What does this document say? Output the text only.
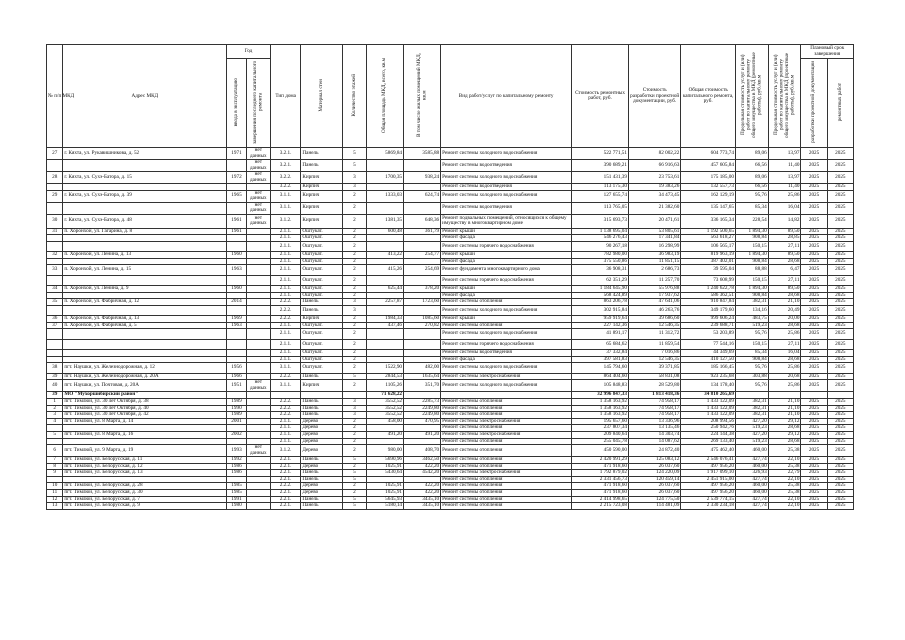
№ п/п МКД	Адрес МКД	Год		Тип дома	Материал стен	Количество этажей	Общая площадь МКД, всего, кв.м	В том числе жилых помещений МКД, кв.м	Вид работ/услуг по капитальному ремонту	Стоимость ремонтных работ, руб.	Стоимость разработки проектной документации, руб.	Общая стоимость капитального ремонта, руб.	Предельная стоимость услуг и (или) работ по капитальному ремонту общего имущества в МКД (ремонтные работы), руб./кв.м	Предельная стоимость услуг и (или) работ по капитальному ремонту общего имущества в МКД (проектные работы), руб./кв.м	Плановый срок завершения	
		ввода в эксплуатацию	завершения последнего капитального ремонта												разработки проектной документации	ремонтных работ

27	г. Кяхта, ул. Рукавишникова, д. 52	1971	нет данных	3.2.1.	Панель	5	5869,84	3585,88	Ремонт системы холодного водоснабжения	522 771,51	82 002,22	604 773,74	89,06	13,97	2025	2025
			нет данных	3.2.1.	Панель	5			Ремонт системы водоотведения	390 689,21	66 916,63	457 605,84	66,56	11,40	2025	2025
28	г. Кяхта, ул. Сухэ-Батора, д. 15	1972	нет данных	3.2.2.	Кирпич	3	1700,35	938,24	Ремонт системы холодного водоснабжения	151 431,39	23 753,61	175 185,00	89,06	13,97	2025	2025
				3.2.2.	Кирпич	3			Ремонт системы водоотведения	113 175,30	19 383,26	132 557,73	66,56	11,40	2025	2025
29	г. Кяхта, ул. Сухэ-Батора, д. 39	1965	нет данных	3.1.1.	Кирпич	2	1333,03	624,74	Ремонт системы холодного водоснабжения	127 655,74	34 473,45	162 129,19	95,76	25,86	2025	2025
			нет данных	3.1.1.	Кирпич	2			Ремонт системы водоотведения	113 765,05	21 382,60	135 147,65	85,34	16,04	2025	2025
30	г. Кяхта, ул. Сухэ-Батора, д. 48	1961	нет данных	3.1.2.	Кирпич	2	1381,35	648,36	Ремонт подвальных помещений, относящихся к общему имуществу в многоквартирном доме	315 693,73	20 471,61	336 165,34	228,54	14,82	2025	2025
31	п. Хоронхой, ул. Гагарина, д. 8	1961		2.1.1.	Оштукат.	2	600,48	361,79	Ремонт крыши	1 138 695,04	53 805,61	1 192 500,65	1 894,30	89,50	2025	2025
				2.1.1.	Оштукат.	2			Ремонт фасада	546 276,43	17 341,84	563 618,27	908,84	28,85	2025	2025
				2.1.1.	Оштукат.	2			Ремонт системы горячего водоснабжения	90 267,18	16 298,99	106 565,17	150,15	27,11	2025	2025
32	п. Хоронхой, ул. Ленина, д. 13	1960		2.1.1.	Оштукат.	2	413,22	254,77	Ремонт крыши	782 980,00	36 983,19	819 963,19	1 894,30	89,50	2025	2025
				2.1.1.	Оштукат.	2			Ремонт фасада	375 550,86	11 851,15	387 402,01	908,84	28,68	2025	2025
33	п. Хоронхой, ул. Ленина, д. 15	1963		2.1.1.	Оштукат.	2	415,26	254,69	Ремонт фундамента многоквартирного дома	36 908,31	2 686,73	39 595,04	88,88	6,47	2025	2025
				2.1.1.	Оштукат.	2			Ремонт системы горячего водоснабжения	62 351,29	11 257,70	73 608,99	150,15	27,11	2025	2025
34	п. Хоронхой, ул. Ленина, д. 9	1960		2.1.1.	Оштукат.	2	625,44	378,20	Ремонт крыши	1 184 645,90	55 976,88	1 240 622,78	1 894,30	89,50	2025	2025
				2.1.1.	Оштукат.	2			Ремонт фасада	568 424,89	17 937,62	586 362,51	908,84	28,68	2025	2025
35	п. Хоронхой, ул. Фабричная, д. 12	2014		2.2.2.	Панель	3	2257,87	1723,60	Ремонт системы отопления	863 206,78	47 641,06	910 847,84	382,31	21,10	2025	2025
				2.2.2.	Панель	3			Ремонт системы холодного водоснабжения	302 915,84	46 263,76	349 179,60	134,16	20,49	2025	2025
36	п. Хоронхой, ул. Фабричная, д. 13	1969		2.2.2.	Кирпич	2	1984,33	1085,60	Ремонт крыши	959 919,64	39 686,60	999 606,24	483,75	20,00	2025	2025
37	п. Хоронхой, ул. Фабричная, д. 5	1963		2.1.1.	Оштукат.	2	437,46	270,82	Ремонт системы отопления	227 142,36	12 546,35	239 688,71	519,23	28,68	2025	2025
				2.1.1.	Оштукат.	2			Ремонт системы холодного водоснабжения	41 891,17	11 312,72	53 203,89	95,76	25,86	2025	2025
				2.1.1.	Оштукат.	2			Ремонт системы горячего водоснабжения	65 684,62	11 859,54	77 544,16	150,15	27,11	2025	2025
				2.1.1.	Оштукат.	2			Ремонт системы водоотведения	37 332,84	7 016,86	44 349,69	85,34	16,04	2025	2025
				2.1.1.	Оштукат.	2			Ремонт фасада	397 581,83	12 546,35	410 127,50	908,84	28,68	2025	2025
38	пгт. Наушки, ул. Железнодорожная, д. 12	1956		3.1.1.	Оштукат.	2	1522,90	482,00	Ремонт системы холодного водоснабжения	145 794,60	39 371,85	185 166,45	95,76	25,86	2025	2025
39	пгт. Наушки, ул. Железнодорожная, д. 20А	1966		2.2.2.	Панель	5	2844,53	1635,64	Ремонт системы электроснабжения	864 404,60	58 831,08	923 235,68	303,88	20,68	2025	2025
40	пгт. Наушки, ул. Почтовая, д. 20А	1951	нет данных	3.1.1.	Кирпич	2	1105,26	351,70	Ремонт системы холодного водоснабжения	105 848,83	28 529,80	134 178,40	95,76	25,86	2025	2025
39	МО "Мухоршибирский район"						71 628,22			32 996 847,33	1 813 418,36	34 810 265,69				
1	пгт. Тимлюй, ул. 30 лет Октября, д. 38	1989		2.2.2.	Панель	3	3552,52	2285,73	Ремонт системы отопления	1 358 163,92	74 958,17	1 433 122,09	382,31	21,10	2025	2025
2	пгт. Тимлюй, ул. 30 лет Октября, д. 40	1990		2.2.2.	Панель	3	3552,52	2249,80	Ремонт системы отопления	1 358 163,92	74 958,17	1 433 122,09	382,31	21,10	2025	2025
3	пгт. Тимлюй, ул. 30 лет Октября, д. 42	1989		2.2.2.	Панель	3	3552,52	2249,80	Ремонт системы отопления	1 358 163,92	74 958,17	1 433 122,09	382,31	21,10	2025	2025
4	пгт. Тимлюй, ул. 8 Марта, д. 14	2001		2.1.1.	Дерево	2	458,00	470,95	Ремонт системы электроснабжения	195 657,60	13 336,96	208 994,56	427,20	29,12	2025	2025
				2.1.1.	Дерево	2			Ремонт системы отопления	237 807,34	13 135,46	250 942,76	519,23	28,68	2025	2025
5	пгт. Тимлюй, ул. 8 Марта, д. 16	2002		2.1.1.	Дерево	2	491,20	491,20	Ремонт системы электроснабжения	209 840,64	14 303,74	224 144,38	427,20	29,12	2025	2025
				2.1.1.	Дерево	2			Ремонт системы отопления	255 045,78	14 087,62	269 133,40	519,23	28,68	2025	2025
6	пгт. Тимлюй, ул. 9 Марта, д. 19	1993	нет данных	3.1.2.	Дерево	2	980,00	408,70	Ремонт системы отопления	450 590,00	24 872,40	475 462,40	460,00	25,38	2025	2025
7	пгт. Тимлюй, ул. Белорусская, д. 11	1992		2.2.1.	Панель	5	5690,96	3462,50	Ремонт системы отопления	2 420 991,29	125 083,12	2 546 076,41	427,74	22,10	2025	2025
8	пгт. Тимлюй, ул. Белорусская, д. 12	1986		2.2.1.	Дерево	2	1025,91	422,20	Ремонт системы отопления	471 918,60	26 037,60	497 956,20	460,00	25,38	2025	2025
9	пгт. Тимлюй, ул. Белорусская, д. 13	1986		2.2.1.	Панель	5	5430,64	4542,20	Ремонт системы электроснабжения	1 792 879,02	124 220,09	1 917 099,10	326,93	22,79	2025	2025
				2.2.1.	Панель	5			Ремонт системы отопления	2 331 456,73	120 459,14	2 451 915,00	427,74	22,10	2025	2025
10	пгт. Тимлюй, ул. Белорусская, д. 28	1985		2.2.2.	Дерево	2	1025,91	422,20	Ремонт системы отопления	471 918,60	26 037,60	497 956,20	460,00	25,38	2025	2025
11	пгт. Тимлюй, ул. Белорусская, д. 30	1985		2.2.1.	Дерево	2	1025,91	422,20	Ремонт системы отопления	471 918,60	26 037,60	497 956,20	460,00	25,38	2025	2025
12	пгт. Тимлюй, ул. Белорусская, д. 7	1991		2.2.1.	Панель	5	5645,93	3435,10	Ремонт системы отопления	2 414 998,65	124 775,50	2 539 774,15	427,74	22,10	2025	2025
13	пгт. Тимлюй, ул. Белорусская, д. 9	1980		2.2.1.	Панель	5	5180,14	3435,10	Ремонт системы отопления	2 215 723,08	114 481,09	2 330 234,18	427,74	22,10	2025	2025
